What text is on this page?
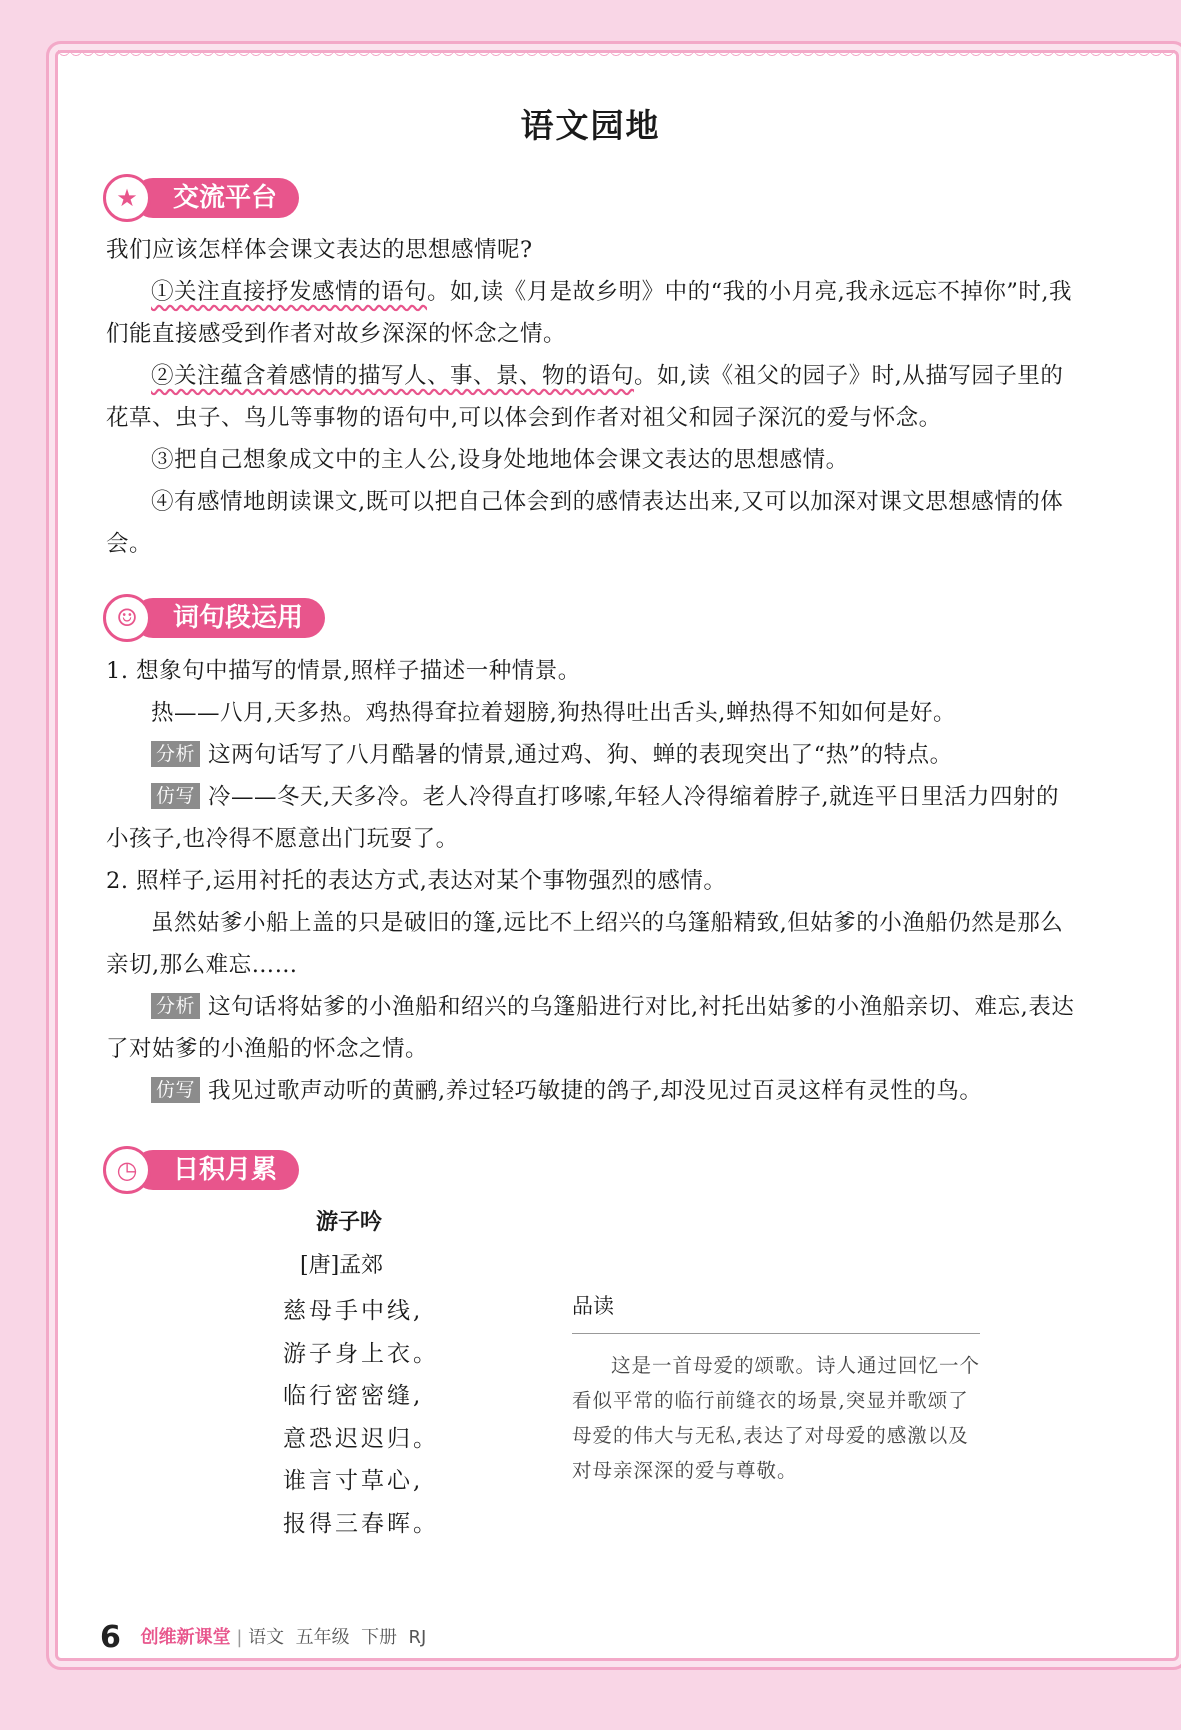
语文园地
★	交流平台

我们应该怎样体会课文表达的思想感情呢?

①关注直接抒发感情的语句。如,读《月是故乡明》中的“我的小月亮,我永远忘不掉你”时,我们能直接感受到作者对故乡深深的怀念之情。

②关注蕴含着感情的描写人、事、景、物的语句。如,读《祖父的园子》时,从描写园子里的花草、虫子、鸟儿等事物的语句中,可以体会到作者对祖父和园子深沉的爱与怀念。

③把自己想象成文中的主人公,设身处地地体会课文表达的思想感情。

④有感情地朗读课文,既可以把自己体会到的感情表达出来,又可以加深对课文思想感情的体会。

☺	词句段运用

1. 想象句中描写的情景,照样子描述一种情景。

热——八月,天多热。鸡热得耷拉着翅膀,狗热得吐出舌头,蝉热得不知如何是好。

分析 这两句话写了八月酷暑的情景,通过鸡、狗、蝉的表现突出了“热”的特点。

仿写 冷——冬天,天多冷。老人冷得直打哆嗦,年轻人冷得缩着脖子,就连平日里活力四射的小孩子,也冷得不愿意出门玩耍了。

2. 照样子,运用衬托的表达方式,表达对某个事物强烈的感情。

虽然姑爹小船上盖的只是破旧的篷,远比不上绍兴的乌篷船精致,但姑爹的小渔船仍然是那么亲切,那么难忘……

分析 这句话将姑爹的小渔船和绍兴的乌篷船进行对比,衬托出姑爹的小渔船亲切、难忘,表达了对姑爹的小渔船的怀念之情。

仿写 我见过歌声动听的黄鹂,养过轻巧敏捷的鸽子,却没见过百灵这样有灵性的鸟。

◷	日积月累
游子吟
[唐]孟郊
慈母手中线,
游子身上衣。
临行密密缝,
意恐迟迟归。
谁言寸草心,
报得三春晖。
品读
这是一首母爱的颂歌。诗人通过回忆一个看似平常的临行前缝衣的场景,突显并歌颂了母爱的伟大与无私,表达了对母爱的感激以及对母亲深深的爱与尊敬。
6 创维新课堂 | 语文 五年级 下册 RJ
